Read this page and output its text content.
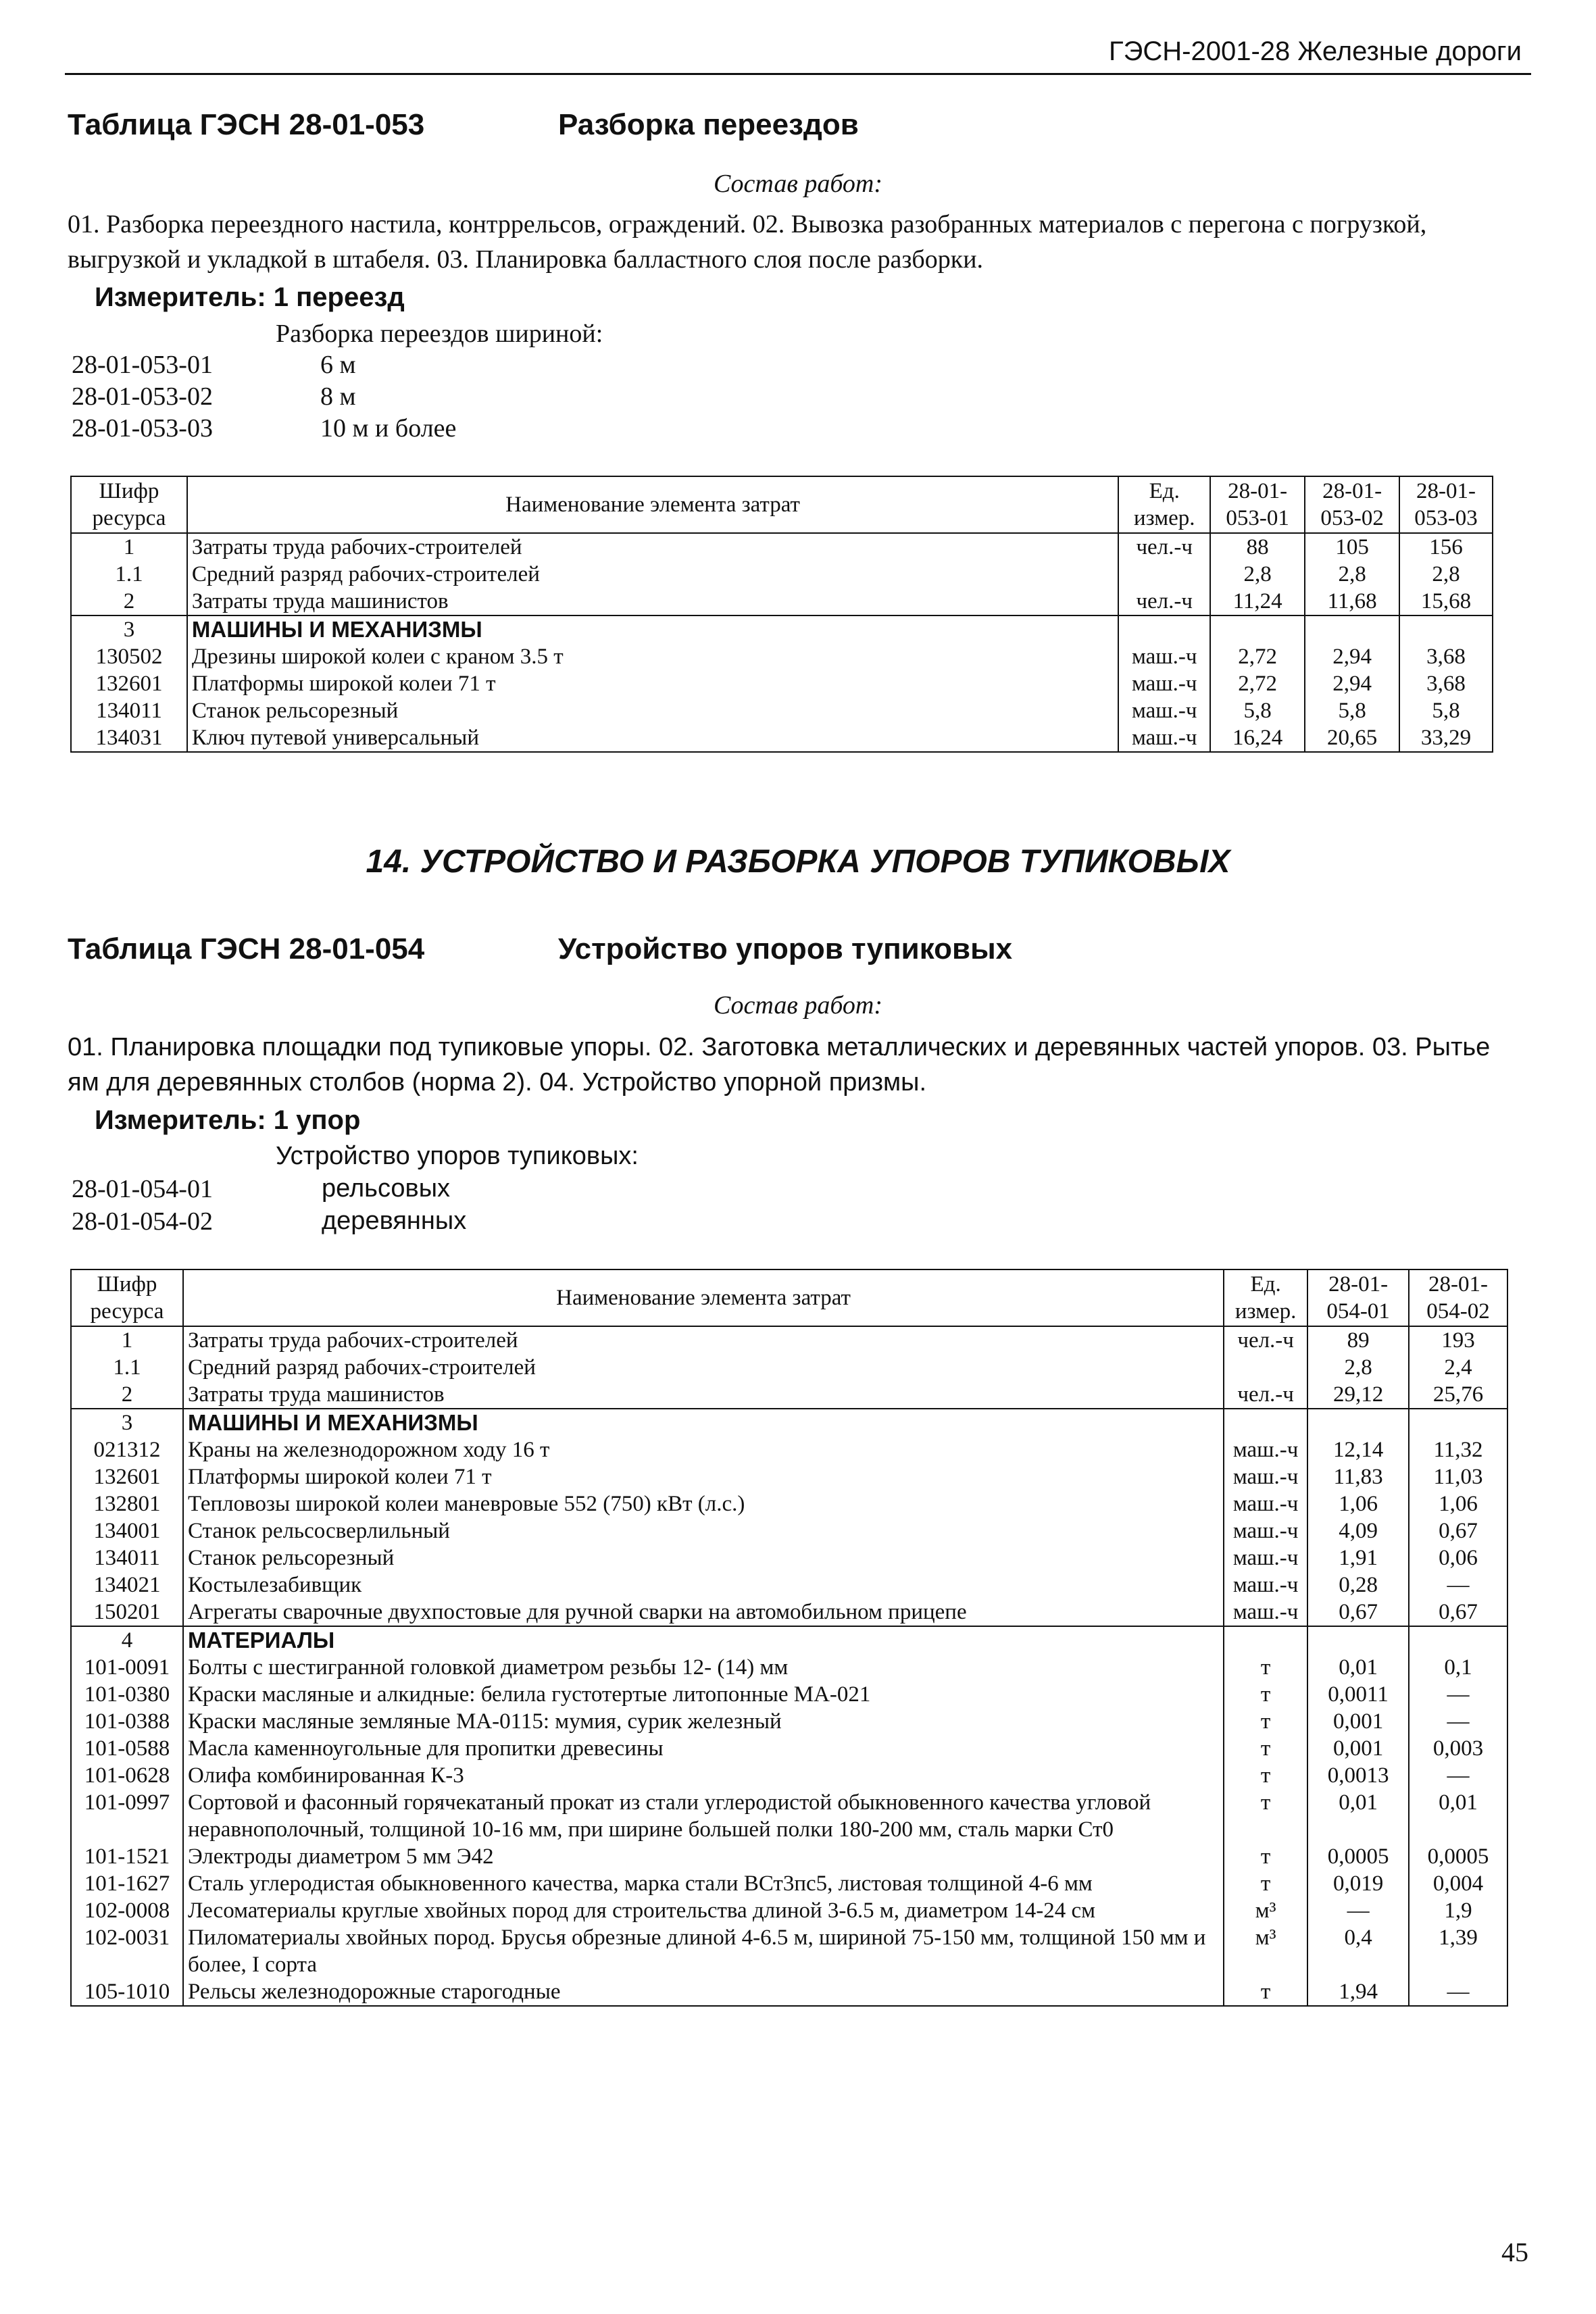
ГЭСН-2001-28 Железные дороги
Таблица ГЭСН 28-01-053	Разборка переездов
Состав работ:
01. Разборка переездного настила, контррельсов, ограждений. 02. Вывозка разобранных материалов с перегона с погрузкой, выгрузкой и укладкой в штабеля. 03. Планировка балластного слоя после разборки.
Измеритель: 1 переезд
Разборка переездов шириной:
28-01-053-01	6 м
28-01-053-02	8 м
28-01-053-03	10 м и более
Шифр ресурса	Наименование элемента затрат	Ед. измер.	28-01-053-01	28-01-053-02	28-01-053-03
1	Затраты труда рабочих-строителей	чел.-ч	88	105	156
1.1	Средний разряд рабочих-строителей		2,8	2,8	2,8
2	Затраты труда машинистов	чел.-ч	11,24	11,68	15,68
3	МАШИНЫ И МЕХАНИЗМЫ				
130502	Дрезины широкой колеи с краном 3.5 т	маш.-ч	2,72	2,94	3,68
132601	Платформы широкой колеи 71 т	маш.-ч	2,72	2,94	3,68
134011	Станок рельсорезный	маш.-ч	5,8	5,8	5,8
134031	Ключ путевой универсальный	маш.-ч	16,24	20,65	33,29
14. УСТРОЙСТВО И РАЗБОРКА УПОРОВ ТУПИКОВЫХ
Таблица ГЭСН 28-01-054	Устройство упоров тупиковых
Состав работ:
01. Планировка площадки под тупиковые упоры. 02. Заготовка металлических и деревянных частей упоров. 03. Рытье ям для деревянных столбов (норма 2). 04. Устройство упорной призмы.
Измеритель: 1 упор
Устройство упоров тупиковых:
28-01-054-01	рельсовых
28-01-054-02	деревянных
Шифр ресурса	Наименование элемента затрат	Ед. измер.	28-01-054-01	28-01-054-02
1	Затраты труда рабочих-строителей	чел.-ч	89	193
1.1	Средний разряд рабочих-строителей		2,8	2,4
2	Затраты труда машинистов	чел.-ч	29,12	25,76
3	МАШИНЫ И МЕХАНИЗМЫ			
021312	Краны на железнодорожном ходу 16 т	маш.-ч	12,14	11,32
132601	Платформы широкой колеи 71 т	маш.-ч	11,83	11,03
132801	Тепловозы широкой колеи маневровые 552 (750) кВт (л.с.)	маш.-ч	1,06	1,06
134001	Станок рельсосверлильный	маш.-ч	4,09	0,67
134011	Станок рельсорезный	маш.-ч	1,91	0,06
134021	Костылезабивщик	маш.-ч	0,28	—
150201	Агрегаты сварочные двухпостовые для ручной сварки на автомобильном прицепе	маш.-ч	0,67	0,67
4	МАТЕРИАЛЫ			
101-0091	Болты с шестигранной головкой диаметром резьбы 12- (14) мм	т	0,01	0,1
101-0380	Краски масляные и алкидные: белила густотертые литопонные МА-021	т	0,0011	—
101-0388	Краски масляные земляные МА-0115: мумия, сурик железный	т	0,001	—
101-0588	Масла каменноугольные для пропитки древесины	т	0,001	0,003
101-0628	Олифа комбинированная К-3	т	0,0013	—
101-0997	Сортовой и фасонный горячекатаный прокат из стали углеродистой обыкновенного качества угловой неравнополочный, толщиной 10-16 мм, при ширине большей полки 180-200 мм, сталь марки Ст0	т	0,01	0,01
101-1521	Электроды диаметром 5 мм Э42	т	0,0005	0,0005
101-1627	Сталь углеродистая обыкновенного качества, марка стали ВСт3пс5, листовая толщиной 4-6 мм	т	0,019	0,004
102-0008	Лесоматериалы круглые хвойных пород для строительства длиной 3-6.5 м, диаметром 14-24 см	м³	—	1,9
102-0031	Пиломатериалы хвойных пород. Брусья обрезные длиной 4-6.5 м, шириной 75-150 мм, толщиной 150 мм и более, I сорта	м³	0,4	1,39
105-1010	Рельсы железнодорожные старогодные	т	1,94	—
45
